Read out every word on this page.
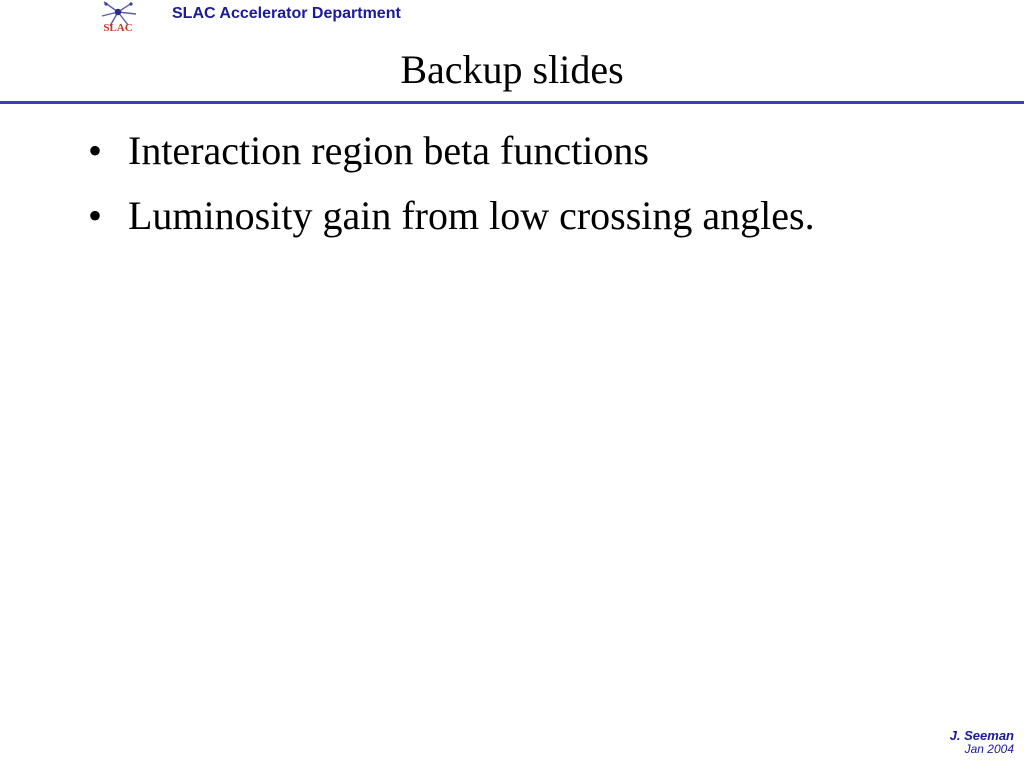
SLAC
SLAC Accelerator Department
Backup slides
• Interaction region beta functions
• Luminosity gain from low crossing angles.
J. Seeman
Jan 2004
